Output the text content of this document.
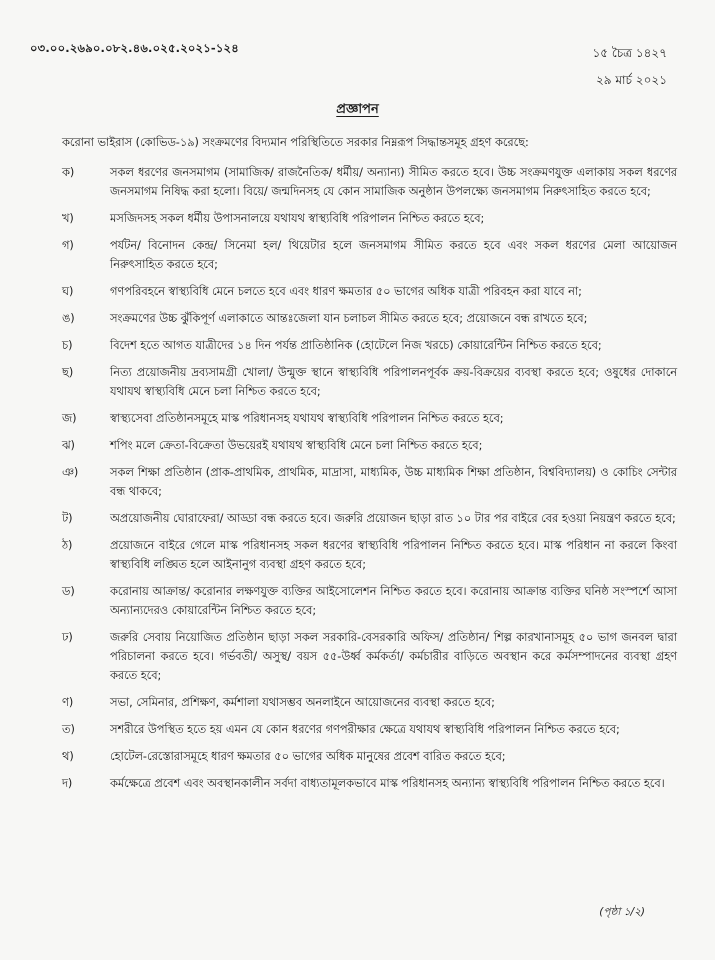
০৩.০০.২৬৯০.০৮২.৪৬.০২৫.২০২১-১২৪	১৫ চৈত্র ১৪২৭
২৯ মার্চ ২০২১
প্রজ্ঞাপন
করোনা ভাইরাস (কোভিড-১৯) সংক্রমণের বিদ্যমান পরিস্থিতিতে সরকার নিম্নরূপ সিদ্ধান্তসমূহ গ্রহণ করেছে:
ক)	সকল ধরণের জনসমাগম (সামাজিক/ রাজনৈতিক/ ধর্মীয়/ অন্যান্য) সীমিত করতে হবে। উচ্চ সংক্রমণযুক্ত এলাকায় সকল ধরণের জনসমাগম নিষিদ্ধ করা হলো। বিয়ে/ জন্মদিনসহ যে কোন সামাজিক অনুষ্ঠান উপলক্ষ্যে জনসমাগম নিরুৎসাহিত করতে হবে;
খ)	মসজিদসহ সকল ধর্মীয় উপাসনালয়ে যথাযথ স্বাস্থ্যবিধি পরিপালন নিশ্চিত করতে হবে;
গ)	পর্যটন/ বিনোদন কেন্দ্র/ সিনেমা হল/ থিয়েটার হলে জনসমাগম সীমিত করতে হবে এবং সকল ধরণের মেলা আয়োজন নিরুৎসাহিত করতে হবে;
ঘ)	গণপরিবহনে স্বাস্থ্যবিধি মেনে চলতে হবে এবং ধারণ ক্ষমতার ৫০ ভাগের অধিক যাত্রী পরিবহন করা যাবে না;
ঙ)	সংক্রমণের উচ্চ ঝুঁকিপূর্ণ এলাকাতে আন্তঃজেলা যান চলাচল সীমিত করতে হবে; প্রয়োজনে বন্ধ রাখতে হবে;
চ)	বিদেশ হতে আগত যাত্রীদের ১৪ দিন পর্যন্ত প্রাতিষ্ঠানিক (হোটেলে নিজ খরচে) কোয়ারেন্টিন নিশ্চিত করতে হবে;
ছ)	নিত্য প্রয়োজনীয় দ্রব্যসামগ্রী খোলা/ উন্মুক্ত স্থানে স্বাস্থ্যবিধি পরিপালনপূর্বক ক্রয়-বিক্রয়ের ব্যবস্থা করতে হবে; ওষুধের দোকানে যথাযথ স্বাস্থ্যবিধি মেনে চলা নিশ্চিত করতে হবে;
জ)	স্বাস্থ্যসেবা প্রতিষ্ঠানসমূহে মাস্ক পরিধানসহ যথাযথ স্বাস্থ্যবিধি পরিপালন নিশ্চিত করতে হবে;
ঝ)	শপিং মলে ক্রেতা-বিক্রেতা উভয়েরই যথাযথ স্বাস্থ্যবিধি মেনে চলা নিশ্চিত করতে হবে;
ঞ)	সকল শিক্ষা প্রতিষ্ঠান (প্রাক-প্রাথমিক, প্রাথমিক, মাদ্রাসা, মাধ্যমিক, উচ্চ মাধ্যমিক শিক্ষা প্রতিষ্ঠান, বিশ্ববিদ্যালয়) ও কোচিং সেন্টার বন্ধ থাকবে;
ট)	অপ্রয়োজনীয় ঘোরাফেরা/ আড্ডা বন্ধ করতে হবে। জরুরি প্রয়োজন ছাড়া রাত ১০ টার পর বাইরে বের হওয়া নিয়ন্ত্রণ করতে হবে;
ঠ)	প্রয়োজনে বাইরে গেলে মাস্ক পরিধানসহ সকল ধরণের স্বাস্থ্যবিধি পরিপালন নিশ্চিত করতে হবে। মাস্ক পরিধান না করলে কিংবা স্বাস্থ্যবিধি লঙ্ঘিত হলে আইনানুগ ব্যবস্থা গ্রহণ করতে হবে;
ড)	করোনায় আক্রান্ত/ করোনার লক্ষণযুক্ত ব্যক্তির আইসোলেশন নিশ্চিত করতে হবে। করোনায় আক্রান্ত ব্যক্তির ঘনিষ্ঠ সংস্পর্শে আসা অন্যান্যদেরও কোয়ারেন্টিন নিশ্চিত করতে হবে;
ঢ)	জরুরি সেবায় নিয়োজিত প্রতিষ্ঠান ছাড়া সকল সরকারি-বেসরকারি অফিস/ প্রতিষ্ঠান/ শিল্প কারখানাসমূহ ৫০ ভাগ জনবল দ্বারা পরিচালনা করতে হবে। গর্ভবতী/ অসুস্থ/ বয়স ৫৫-উর্ধ্ব কর্মকর্তা/ কর্মচারীর বাড়িতে অবস্থান করে কর্মসম্পাদনের ব্যবস্থা গ্রহণ করতে হবে;
ণ)	সভা, সেমিনার, প্রশিক্ষণ, কর্মশালা যথাসম্ভব অনলাইনে আয়োজনের ব্যবস্থা করতে হবে;
ত)	সশরীরে উপস্থিত হতে হয় এমন যে কোন ধরণের গণপরীক্ষার ক্ষেত্রে যথাযথ স্বাস্থ্যবিধি পরিপালন নিশ্চিত করতে হবে;
থ)	হোটেল-রেস্তোরাসমূহে ধারণ ক্ষমতার ৫০ ভাগের অধিক মানুষের প্রবেশ বারিত করতে হবে;
দ)	কর্মক্ষেত্রে প্রবেশ এবং অবস্থানকালীন সর্বদা বাধ্যতামূলকভাবে মাস্ক পরিধানসহ অন্যান্য স্বাস্থ্যবিধি পরিপালন নিশ্চিত করতে হবে।
(পৃষ্ঠা ১/২)
